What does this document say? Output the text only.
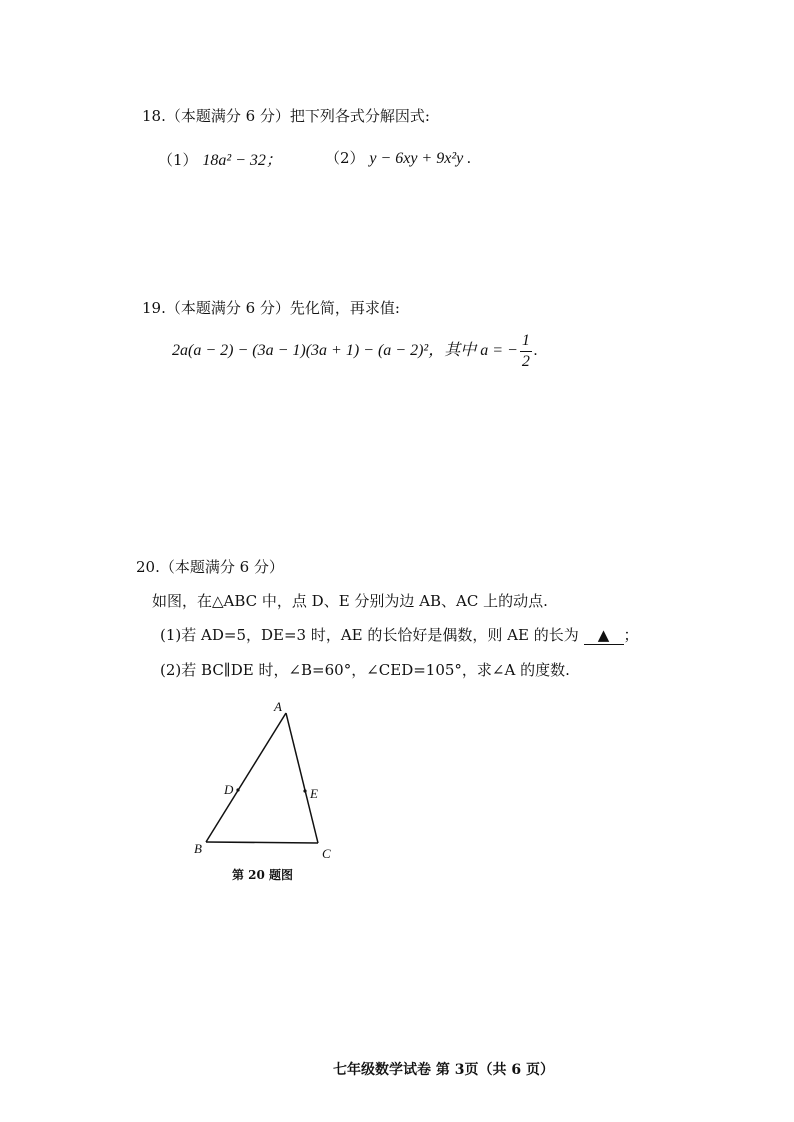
18.（本题满分 6 分）把下列各式分解因式:
（1） 18a² − 32；	（2） y − 6xy + 9x²y .
19.（本题满分 6 分）先化简，再求值:
2a(a − 2) − (3a − 1)(3a + 1) − (a − 2)²，其中 a = − $\frac{1}{2}$ .
20.（本题满分 6 分）
如图，在△ABC 中，点 D、E 分别为边 AB、AC 上的动点.
(1)若 AD=5，DE=3 时，AE 的长恰好是偶数，则 AE 的长为 ▲ ；
(2)若 BC∥DE 时，∠B=60°，∠CED=105°，求∠A 的度数.
A
B	C
D	E
第 20 题图
七年级数学试卷 第 3页（共 6 页）
